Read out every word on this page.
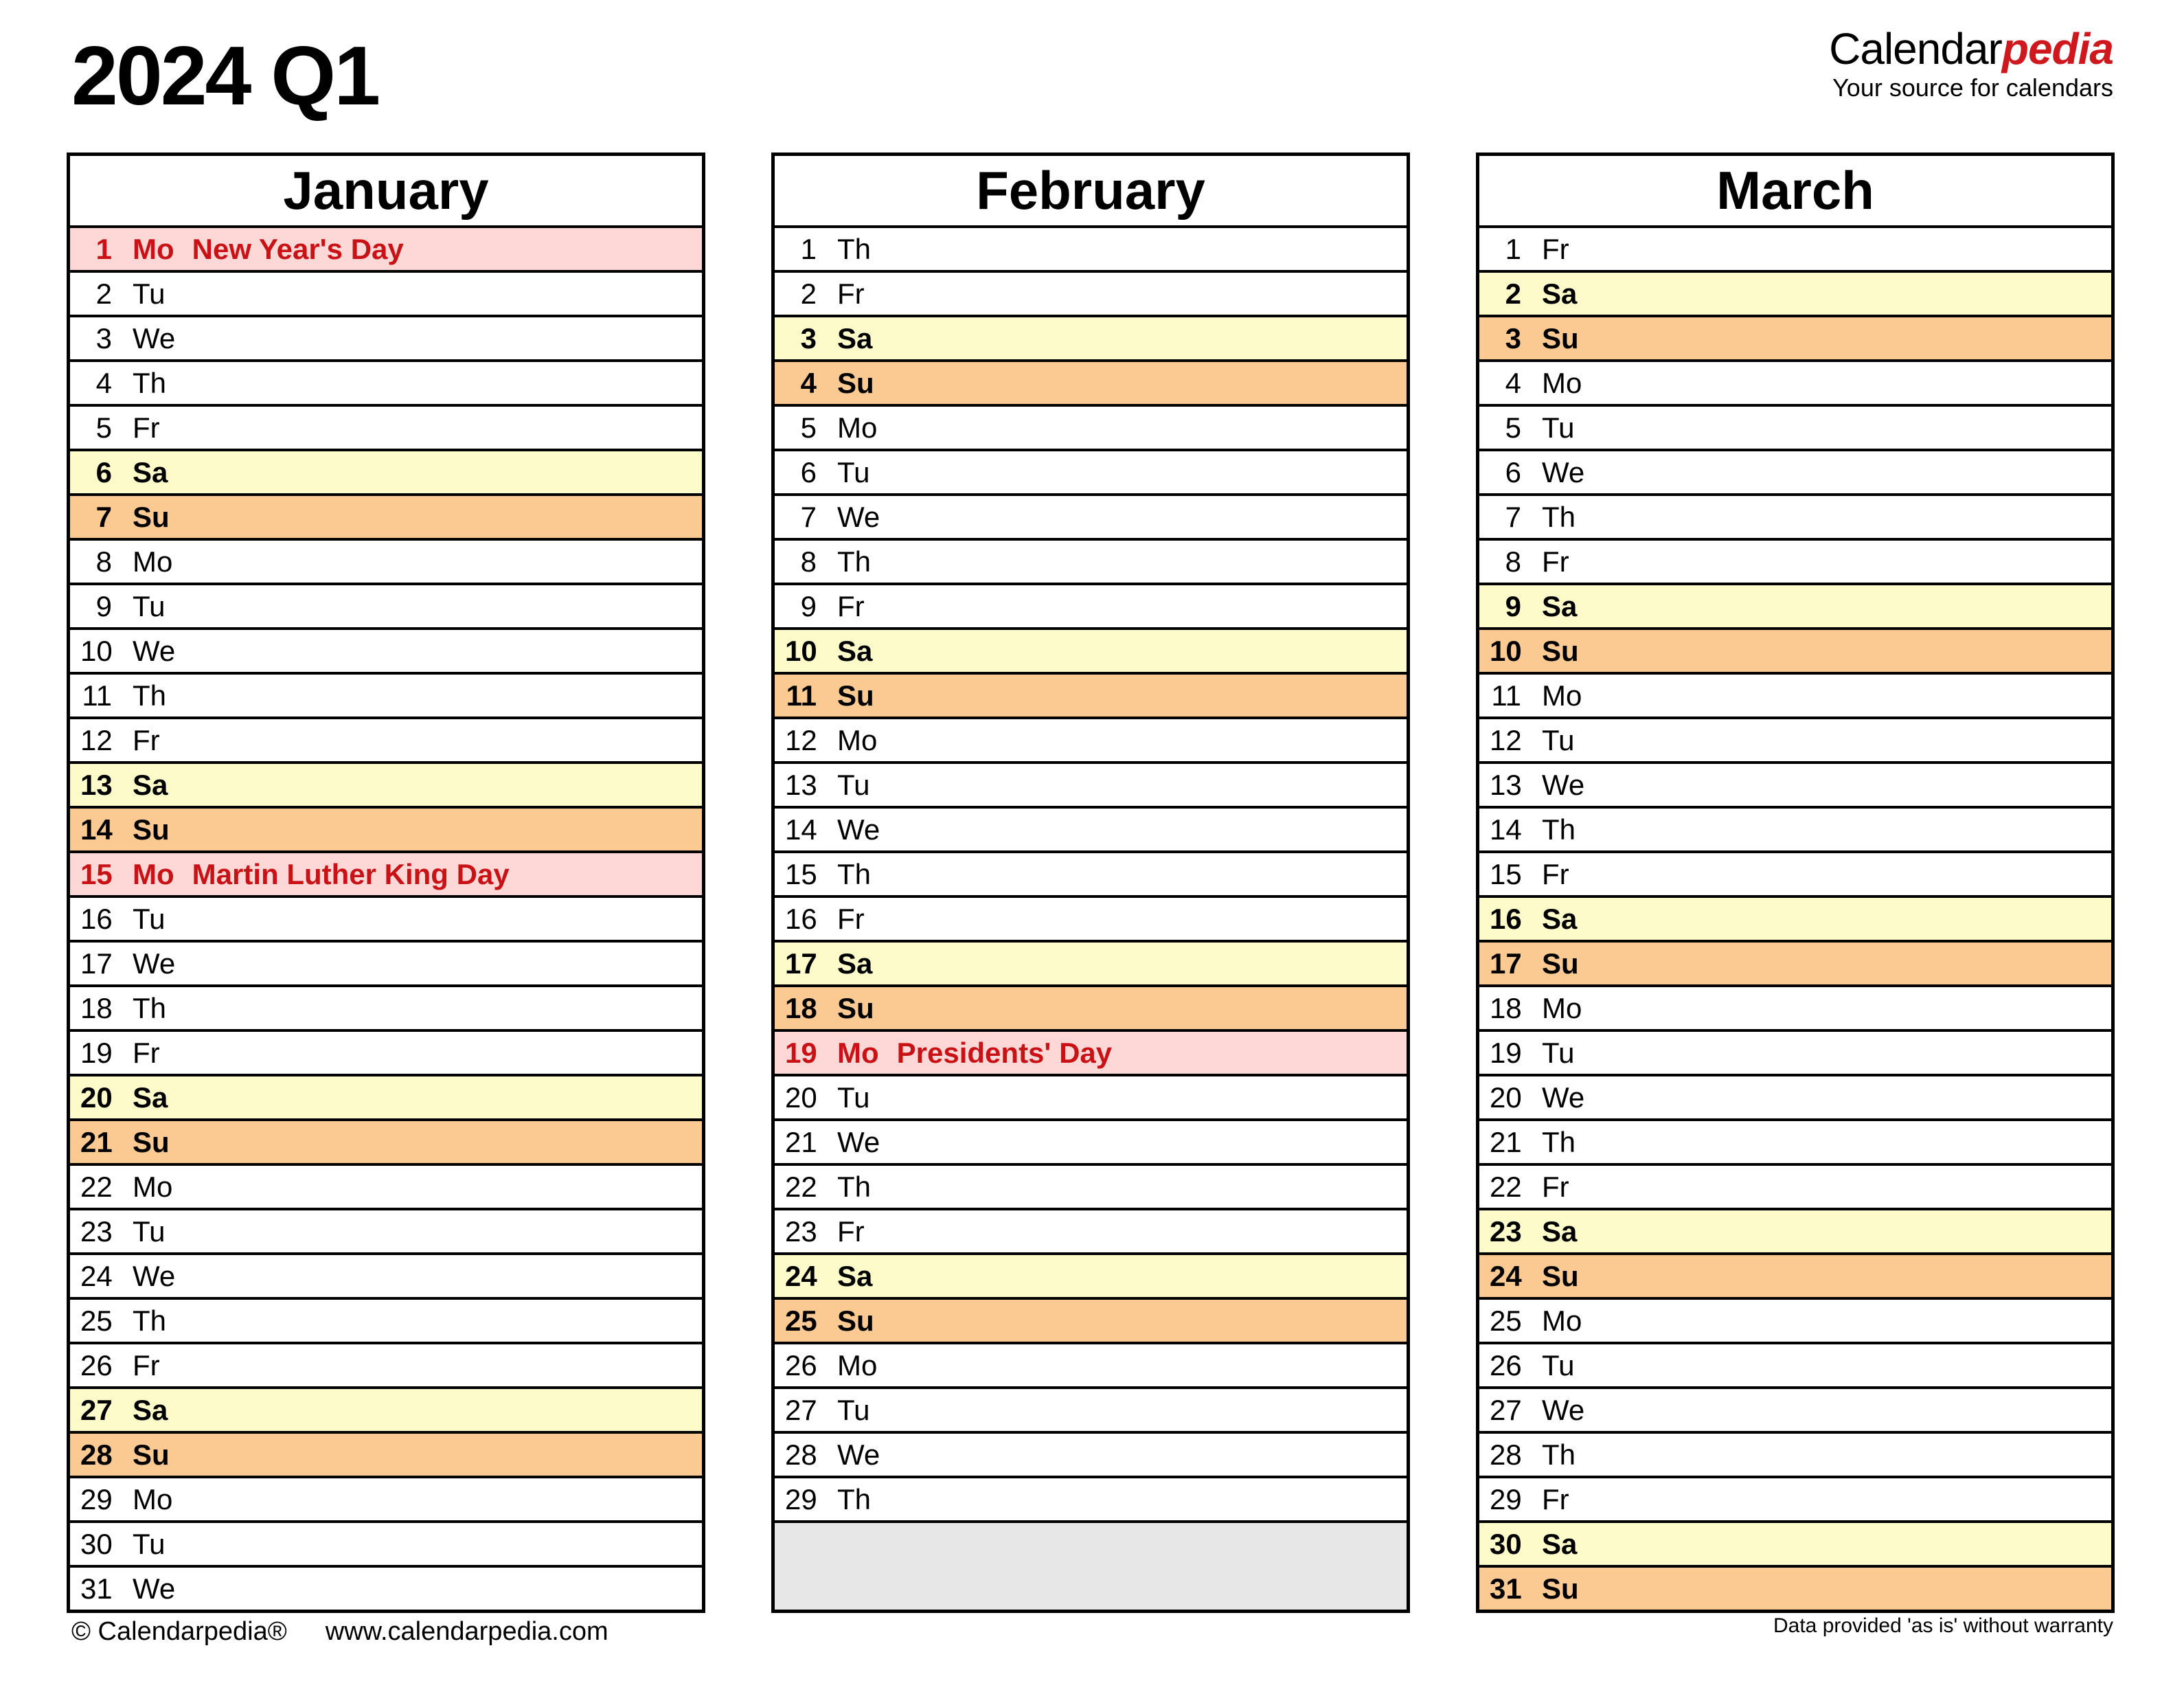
2024 Q1	Calendarpedia
Your source for calendars
January
1 Mo New Year's Day
2 Tu
3 We
4 Th
5 Fr
6 Sa
7 Su
8 Mo
9 Tu
10 We
11 Th
12 Fr
13 Sa
14 Su
15 Mo Martin Luther King Day
16 Tu
17 We
18 Th
19 Fr
20 Sa
21 Su
22 Mo
23 Tu
24 We
25 Th
26 Fr
27 Sa
28 Su
29 Mo
30 Tu
31 We
February
1 Th
2 Fr
3 Sa
4 Su
5 Mo
6 Tu
7 We
8 Th
9 Fr
10 Sa
11 Su
12 Mo
13 Tu
14 We
15 Th
16 Fr
17 Sa
18 Su
19 Mo Presidents' Day
20 Tu
21 We
22 Th
23 Fr
24 Sa
25 Su
26 Mo
27 Tu
28 We
29 Th
March
1 Fr
2 Sa
3 Su
4 Mo
5 Tu
6 We
7 Th
8 Fr
9 Sa
10 Su
11 Mo
12 Tu
13 We
14 Th
15 Fr
16 Sa
17 Su
18 Mo
19 Tu
20 We
21 Th
22 Fr
23 Sa
24 Su
25 Mo
26 Tu
27 We
28 Th
29 Fr
30 Sa
31 Su
© Calendarpedia® www.calendarpedia.com	Data provided 'as is' without warranty
